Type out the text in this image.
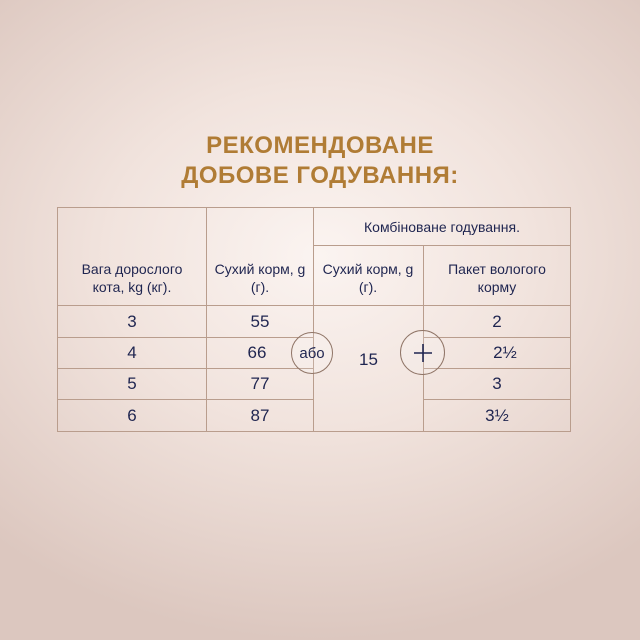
РЕКОМЕНДОВАНЕ
ДОБОВЕ ГОДУВАННЯ:
Вага дорослого кота, kg (кг).
Сухий корм, g (г).
Комбіноване годування.
Сухий корм, g (г).
Пакет вологого корму
3
4
5
6
55
66
77
87
15
2
2½
3
3½
або
